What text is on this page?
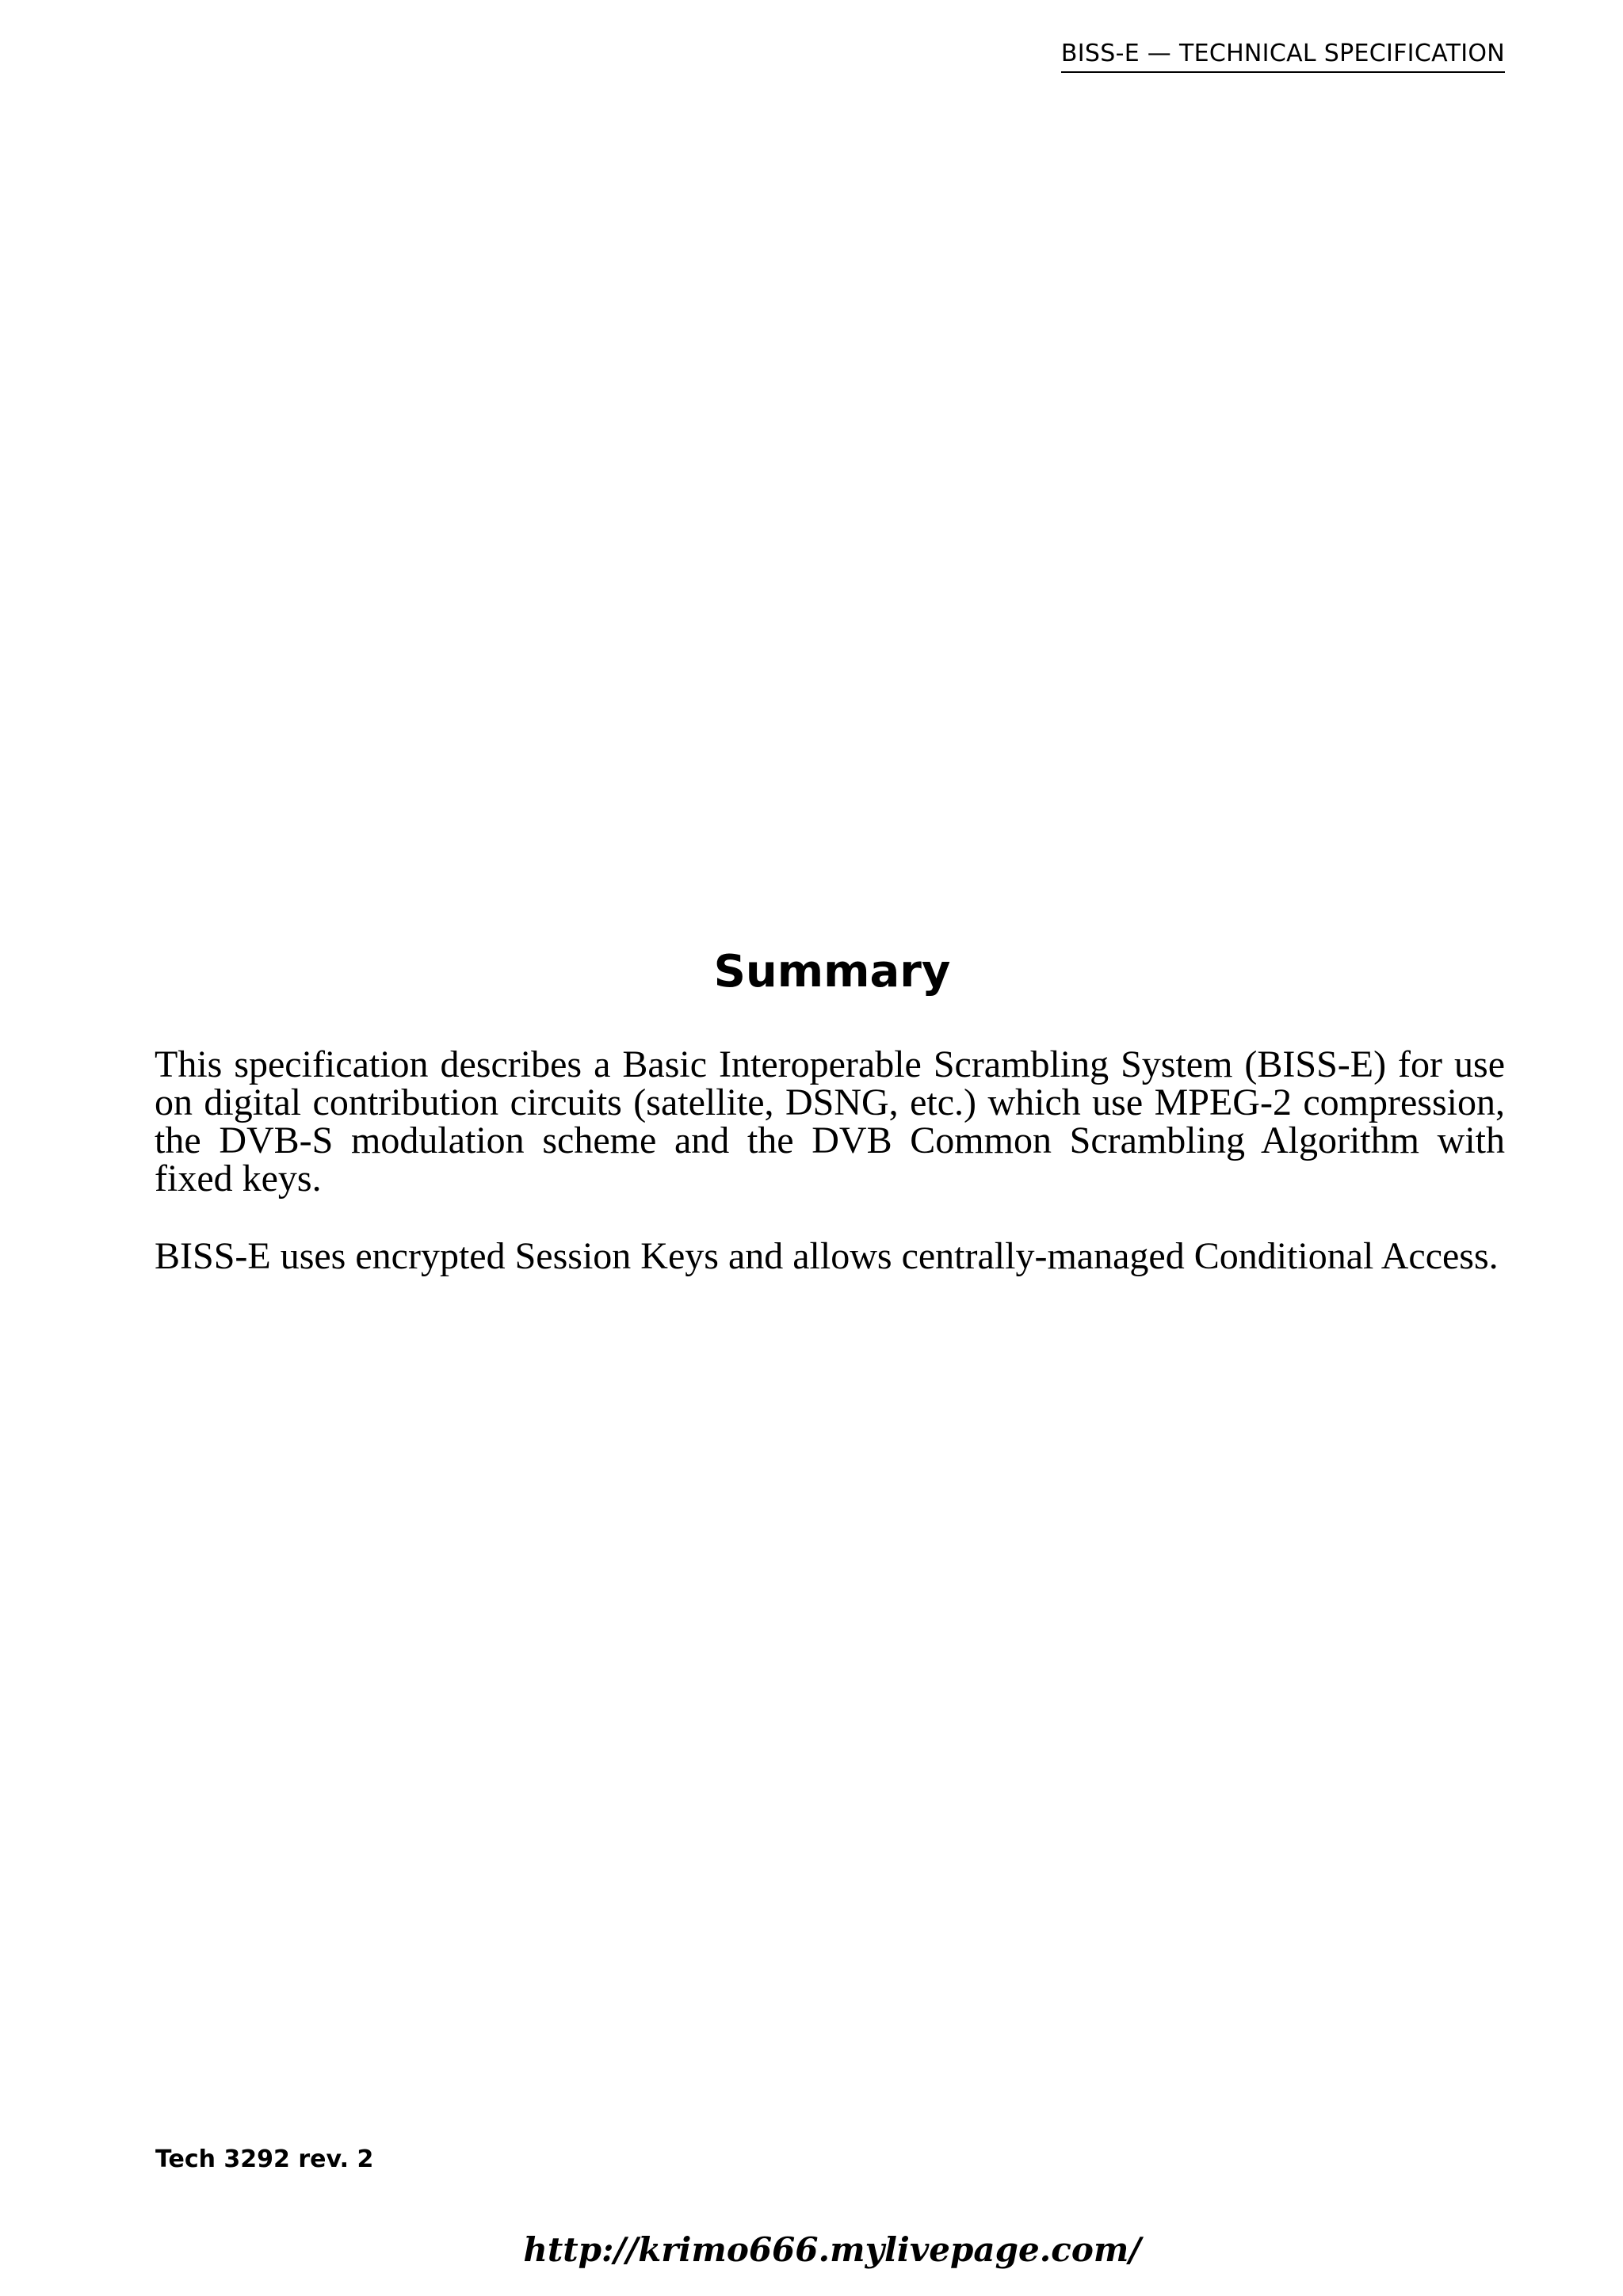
BISS-E — TECHNICAL SPECIFICATION
Summary

This specification describes a Basic Interoperable Scrambling System (BISS-E) for use on digital contribution circuits (satellite, DSNG, etc.) which use MPEG-2 compression, the DVB-S modulation scheme and the DVB Common Scrambling Algorithm with fixed keys.

BISS-E uses encrypted Session Keys and allows centrally-managed Conditional Access.

Tech 3292 rev. 2
http://krimo666.mylivepage.com/
